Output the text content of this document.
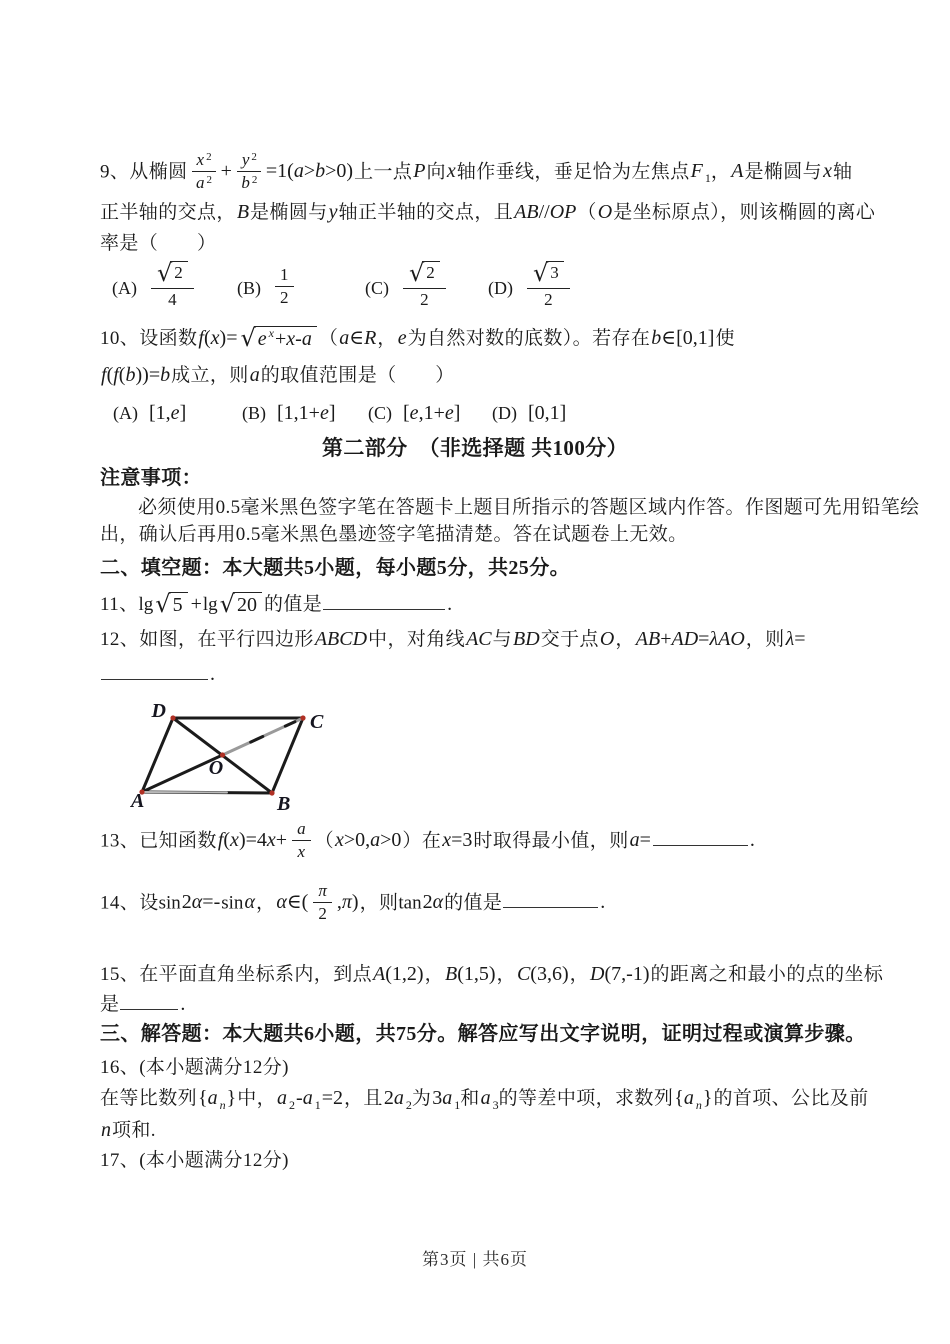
9、从椭圆 $\frac{x ^2}{a ^2} + \frac{y ^2}{b ^2} =1(a>b>0)$上一点P向x轴作垂线，垂足恰为左焦点F $_1$，A是椭圆与x轴
正半轴的交点，B是椭圆与y轴正半轴的交点，且AB//OP（O是坐标原点），则该椭圆的离心
率是（　　）
$(A) \frac{√ 2}{4} (B) \frac{1}{2}$	$(C) \frac{√ 2}{2} (D) \frac{√ 3}{2}$
10、设函数f(x)= √ e $^x$+x-a （a∈R，e为自然对数的底数）。若存在b∈[0,1]使
f(f(b))=b成立，则a的取值范围是（　　）
(A) [1,e]	(B) [1,1+e] (C) [e,1+e] (D) [0,1]
第二部分　（非选择题 共100分）
注意事项：
必须使用0.5毫米黑色签字笔在答题卡上题目所指示的答题区域内作答。作图题可先用铅笔绘
出，确认后再用0.5毫米黑色墨迹签字笔描清楚。答在试题卷上无效。
二、填空题：本大题共5小题，每小题5分，共25分。
11、lg √ 5 +lg √ 20 的值是	.
12、如图，在平行四边形ABCD中，对角线AC与BD交于点O，AB+AD=λAO，则λ=
.
A	B
C
D
O
13、已知函数$f(x)=4x+ \frac{a}{x} (x>0,a>0)$在x=3时取得最小值，则a=	.
14、设sin2α=-sinα，α∈( $\frac{\pi}{2} ,\pi$)，则tan2α的值是	.
15、在平面直角坐标系内，到点A(1,2)，B(1,5)，C(3,6)，D(7,-1)的距离之和最小的点的坐标
是	.
三、解答题：本大题共6小题，共75分。解答应写出文字说明，证明过程或演算步骤。
16、(本小题满分12分)
在等比数列{a $_n$}中，a $_2$-a $_1$=2，且2a $_2$为3a $_1$和a $_3$的等差中项，求数列{a $_n$}的首项、公比及前
n项和.
17、(本小题满分12分)
第3页 | 共6页
